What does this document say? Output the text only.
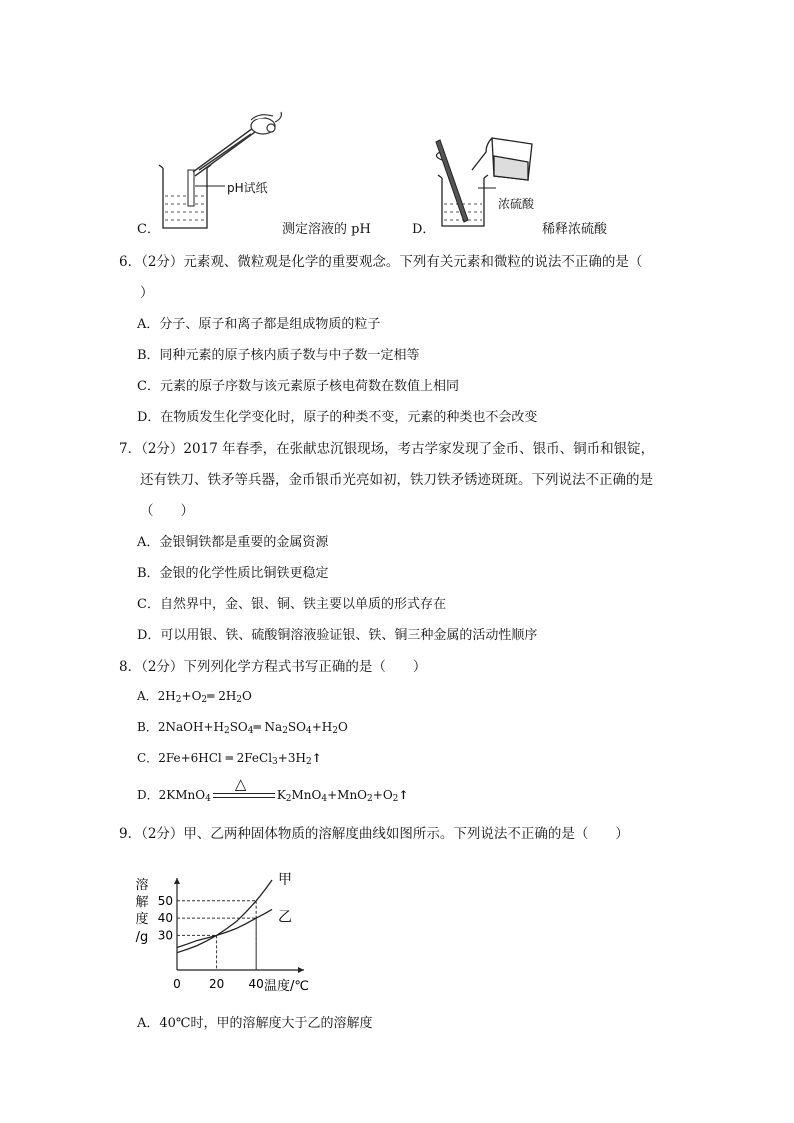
C．
pH试纸
测定溶液的 pH	D．
浓硫酸
稀释浓硫酸
6．（2分）元素观、微粒观是化学的重要观念。下列有关元素和微粒的说法不正确的是（
）
A．分子、原子和离子都是组成物质的粒子
B．同种元素的原子核内质子数与中子数一定相等
C．元素的原子序数与该元素原子核电荷数在数值上相同
D．在物质发生化学变化时，原子的种类不变，元素的种类也不会改变
7．（2分）2017 年春季，在张献忠沉银现场，考古学家发现了金币、银币、铜币和银锭，
还有铁刀、铁矛等兵器，金币银币光亮如初，铁刀铁矛锈迹斑斑。下列说法不正确的是
（　　）
A．金银铜铁都是重要的金属资源
B．金银的化学性质比铜铁更稳定
C．自然界中，金、银、铜、铁主要以单质的形式存在
D．可以用银、铁、硫酸铜溶液验证银、铁、铜三种金属的活动性顺序
8．（2分）下列列化学方程式书写正确的是（　　）
A．$2H_2+O_2═$ $2H_2O$
B．$2NaOH+H_2SO_4═$ $Na_2SO_4+H_2O$
C．2Fe+6HCl ═ $2FeCl_3+3H_2↑$
D．2KMnO$_4$
△
$K_2MnO_4+MnO_2+O_2↑$
9．（2分）甲、乙两种固体物质的溶解度曲线如图所示。下列说法不正确的是（　　）
溶
解
度
/g
甲
乙
0 20 40
50
40
30
温度/℃
A．40℃时，甲的溶解度大于乙的溶解度
